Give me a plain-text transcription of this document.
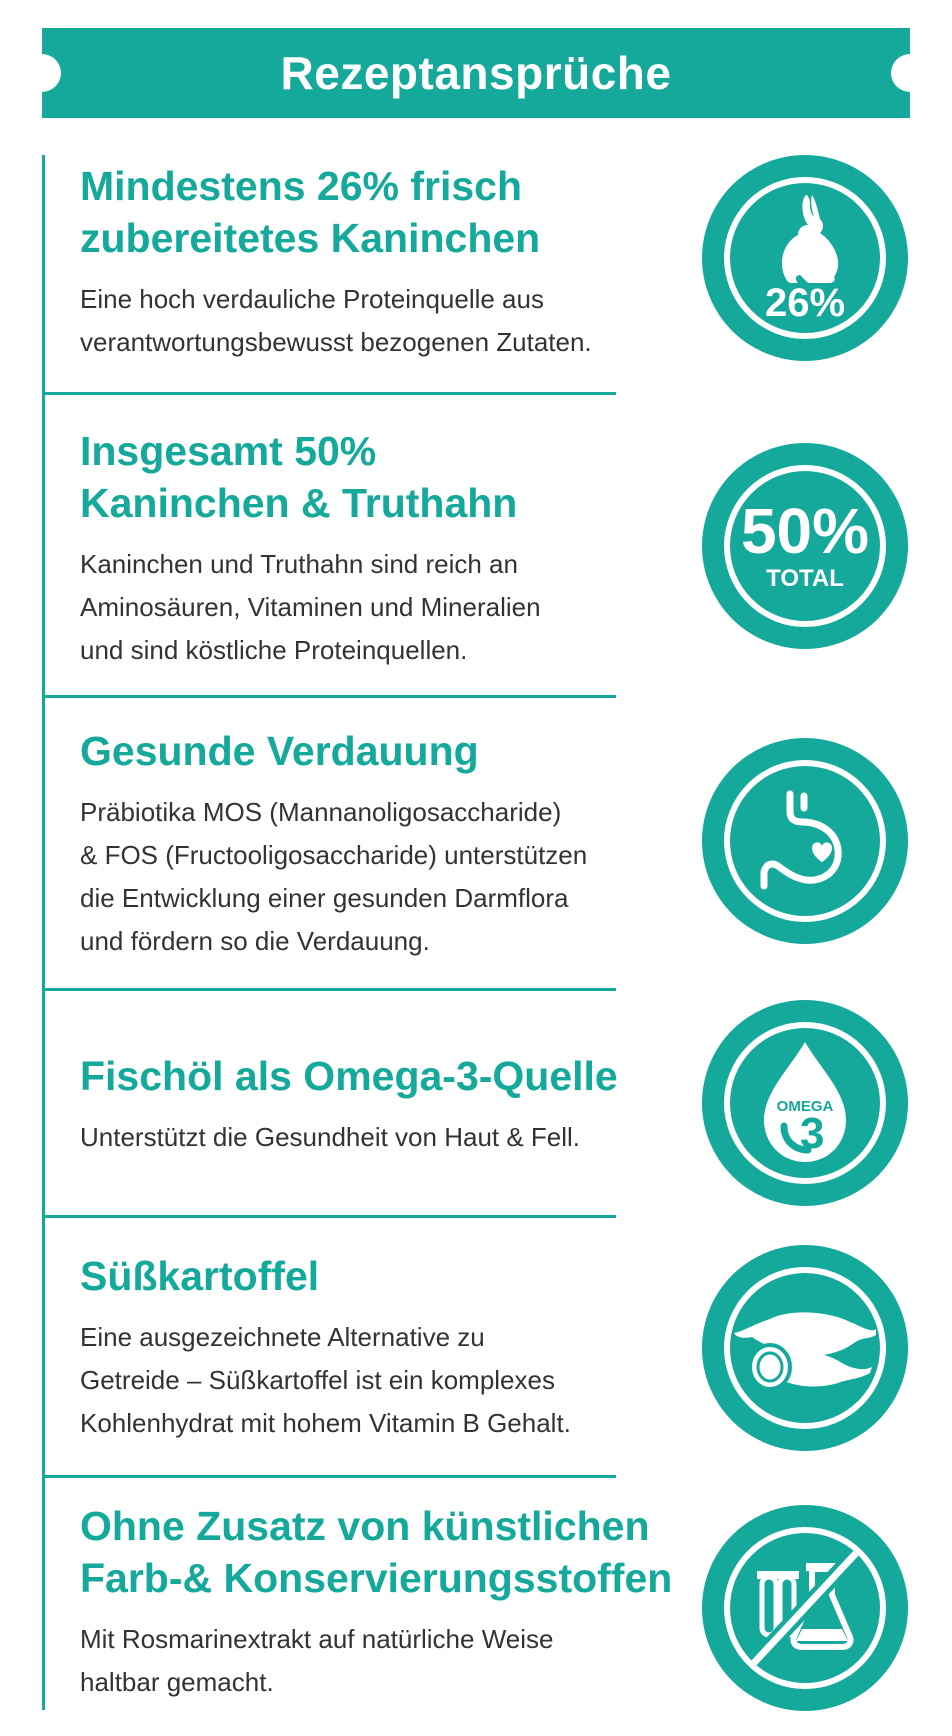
Rezeptansprüche
Mindestens 26% frisch
zubereitetes Kaninchen

Eine hoch verdauliche Proteinquelle aus
verantwortungsbewusst bezogenen Zutaten.

26%
Insgesamt 50%
Kaninchen & Truthahn

Kaninchen und Truthahn sind reich an
Aminosäuren, Vitaminen und Mineralien
und sind köstliche Proteinquellen.

50%
TOTAL
Gesunde Verdauung

Präbiotika MOS (Mannanoligosaccharide)
& FOS (Fructooligosaccharide) unterstützen
die Entwicklung einer gesunden Darmflora
und fördern so die Verdauung.

Fischöl als Omega-3-Quelle

Unterstützt die Gesundheit von Haut & Fell.

OMEGA
3
Süßkartoffel

Eine ausgezeichnete Alternative zu
Getreide – Süßkartoffel ist ein komplexes
Kohlenhydrat mit hohem Vitamin B Gehalt.

Ohne Zusatz von künstlichen
Farb-& Konservierungsstoffen

Mit Rosmarinextrakt auf natürliche Weise
haltbar gemacht.
